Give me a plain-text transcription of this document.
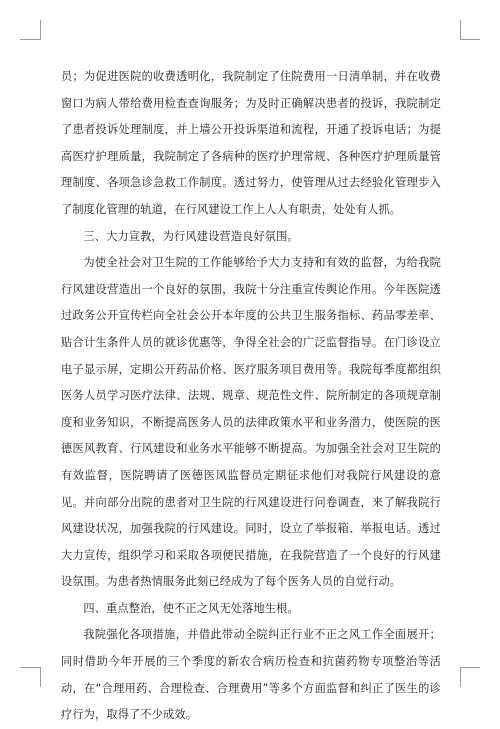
员；为促进医院的收费透明化，我院制定了住院费用一日清单制，并在收费窗口为病人带给费用检查查询服务；为及时正确解决患者的投诉，我院制定了患者投诉处理制度，并上墙公开投诉渠道和流程，开通了投诉电话；为提高医疗护理质量，我院制定了各病种的医疗护理常规、各种医疗护理质量管理制度、各项急诊急救工作制度。透过努力，使管理从过去经验化管理步入了制度化管理的轨道，在行风建设工作上人人有职责，处处有人抓。

三、大力宣教，为行风建设营造良好氛围。

为使全社会对卫生院的工作能够给予大力支持和有效的监督，为给我院行风建设营造出一个良好的氛围，我院十分注重宣传舆论作用。今年医院透过政务公开宣传栏向全社会公开本年度的公共卫生服务指标、药品零差率、贴合计生条件人员的就诊优惠等，争得全社会的广泛监督指导。在门诊设立电子显示屏，定期公开药品价格、医疗服务项目费用等。我院每季度都组织医务人员学习医疗法律、法规、规章、规范性文件、院所制定的各项规章制度和业务知识，不断提高医务人员的法律政策水平和业务潜力，使医院的医德医风教育、行风建设和业务水平能够不断提高。为加强全社会对卫生院的有效监督，医院聘请了医德医风监督员定期征求他们对我院行风建设的意见。并向部分出院的患者对卫生院的行风建设进行问卷调查，来了解我院行风建设状况，加强我院的行风建设。同时，设立了举报箱、举报电话。透过大力宣传，组织学习和采取各项便民措施，在我院营造了一个良好的行风建设氛围。为患者热情服务此刻已经成为了每个医务人员的自觉行动。

四、重点整治，使不正之风无处落地生根。

我院强化各项措施，并借此带动全院纠正行业不正之风工作全面展开；同时借助今年开展的三个季度的新农合病历检查和抗菌药物专项整治等活动，在“合理用药、合理检查、合理费用”等多个方面监督和纠正了医生的诊疗行为，取得了不少成效。
